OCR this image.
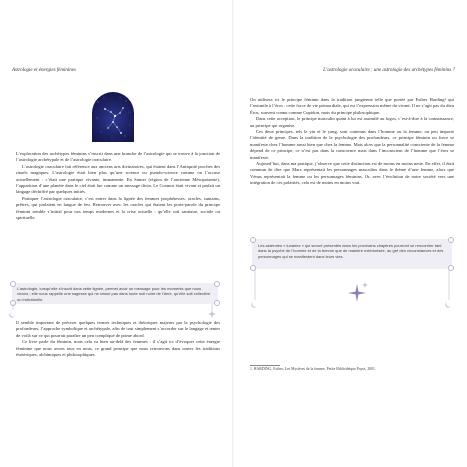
Astrologie et énergies féminines

L’exploration des archétypes féminins s’inscrit dans une branche de l’astrologie qui se trouve à la jonction de l’astrologie archétypale et de l’astrologie oraculaire.

L’astrologie oraculaire fait référence aux anciens arts divinatoires, qui étaient dans l’Antiquité proches des rituels magiques. L’astrologie était bien plus qu’une science ou pseudo-science comme on l’accuse actuellement : c’était une pratique vivante, immanente. En Sumer (région de l’ancienne Mésopotamie), l’apparition d’une planète dans le ciel était lue comme un message divin. Le Cosmos était vivant et parlait un langage déchiffré par quelques initiés.

Pratiquer l’astrologie oraculaire, c’est entrer dans la lignée des femmes prophétesses, oracles, sumains, prêtres, qui parlaient en langue de feu. Retrouver avec les oracles qui étaient les porte-parole du principe féminin semble s’initial pour nos temps modernes et la crise actuelle : qu’elle soit sanitaire, sociale ou spirituelle.

L’astrologie, lorsqu’elle s’inscrit dans cette lignée, permet avoir un message pour les moments que nous vivons ; elle nous rappelle une sagesse qui ne cesse pas dans toute nuit noire de l’âme, qu’elle soit collective ou individuelle.

Il semble important de préciser quelques termes techniques et théoriques majeurs par la psychologie des profondeurs, l’approche symbolique et archétypale, afin de tout simplement s’accorder sur le langage et tenter de voilà sur ce qui pourrait paraître un peu compliqué de prime abord.

Ce livre parle du féminin, mais cela va bien au-delà des femmes : il s’agit ici d’évoquer cette énergie féminine que nous avons tous en nous, ce grand principe que nous retrouvons dans toutes les traditions ésotériques, alchimiques et philosophiques.

L’astrologie oraculaire : une astrologie des archétypes féminins ?

On utilisera ici le principe féminin dans la tradition jungienne telle que portée par Esther Harding¹ qui l’assimile à l’éros : cette force de vie primordiale, qui est l’expression même du vivant. Il ne s’agit pas du dieu Éros, souvent connu comme Cupidon, mais du principe philosophique.

Dans cette acception, le principe masculin quant à lui est assimilé au logos, c’est-à-dire à la connaissance, au principe qui organise.

Ces deux principes, tels le yin et le yang, sont contenus dans l’homme ou la femme, ou peu importe l’identité de genre. Dans la tradition de la psychologie des profondeurs, ce principe féminin ou force se manifeste chez l’homme aussi bien que chez la femme. Mais alors que la personnalité consciente de la femme dépend de ce principe, ce n’est pas dans la conscience mais dans l’inconscient de l’homme que l’éros se manifeste.

Aujourd’hui, dans ma pratique, j’observe que cette distinction est de moins en moins nette. En effet, il était commun de dire que Mars représentait les personnages masculins dans le thème d’une femme, alors que Vénus représentait la femme ou les personnages féminins. Or, avec l’évolution de notre société vers une intégration de ces polarités, cela est de moins en moins vrai.

Les astérotes « lunaires » qui seront présentés dans les prochains chapitres pourront se rencontrer tant dans la psyché de l’homme et de la femme que de manière extériorisée, au gré des circonstances et des personnages qui se manifestent dans leurs vies.

1. HARDING, Esther, Les Mystères de la femme, Petite Bibliothèque Payot, 2001.
